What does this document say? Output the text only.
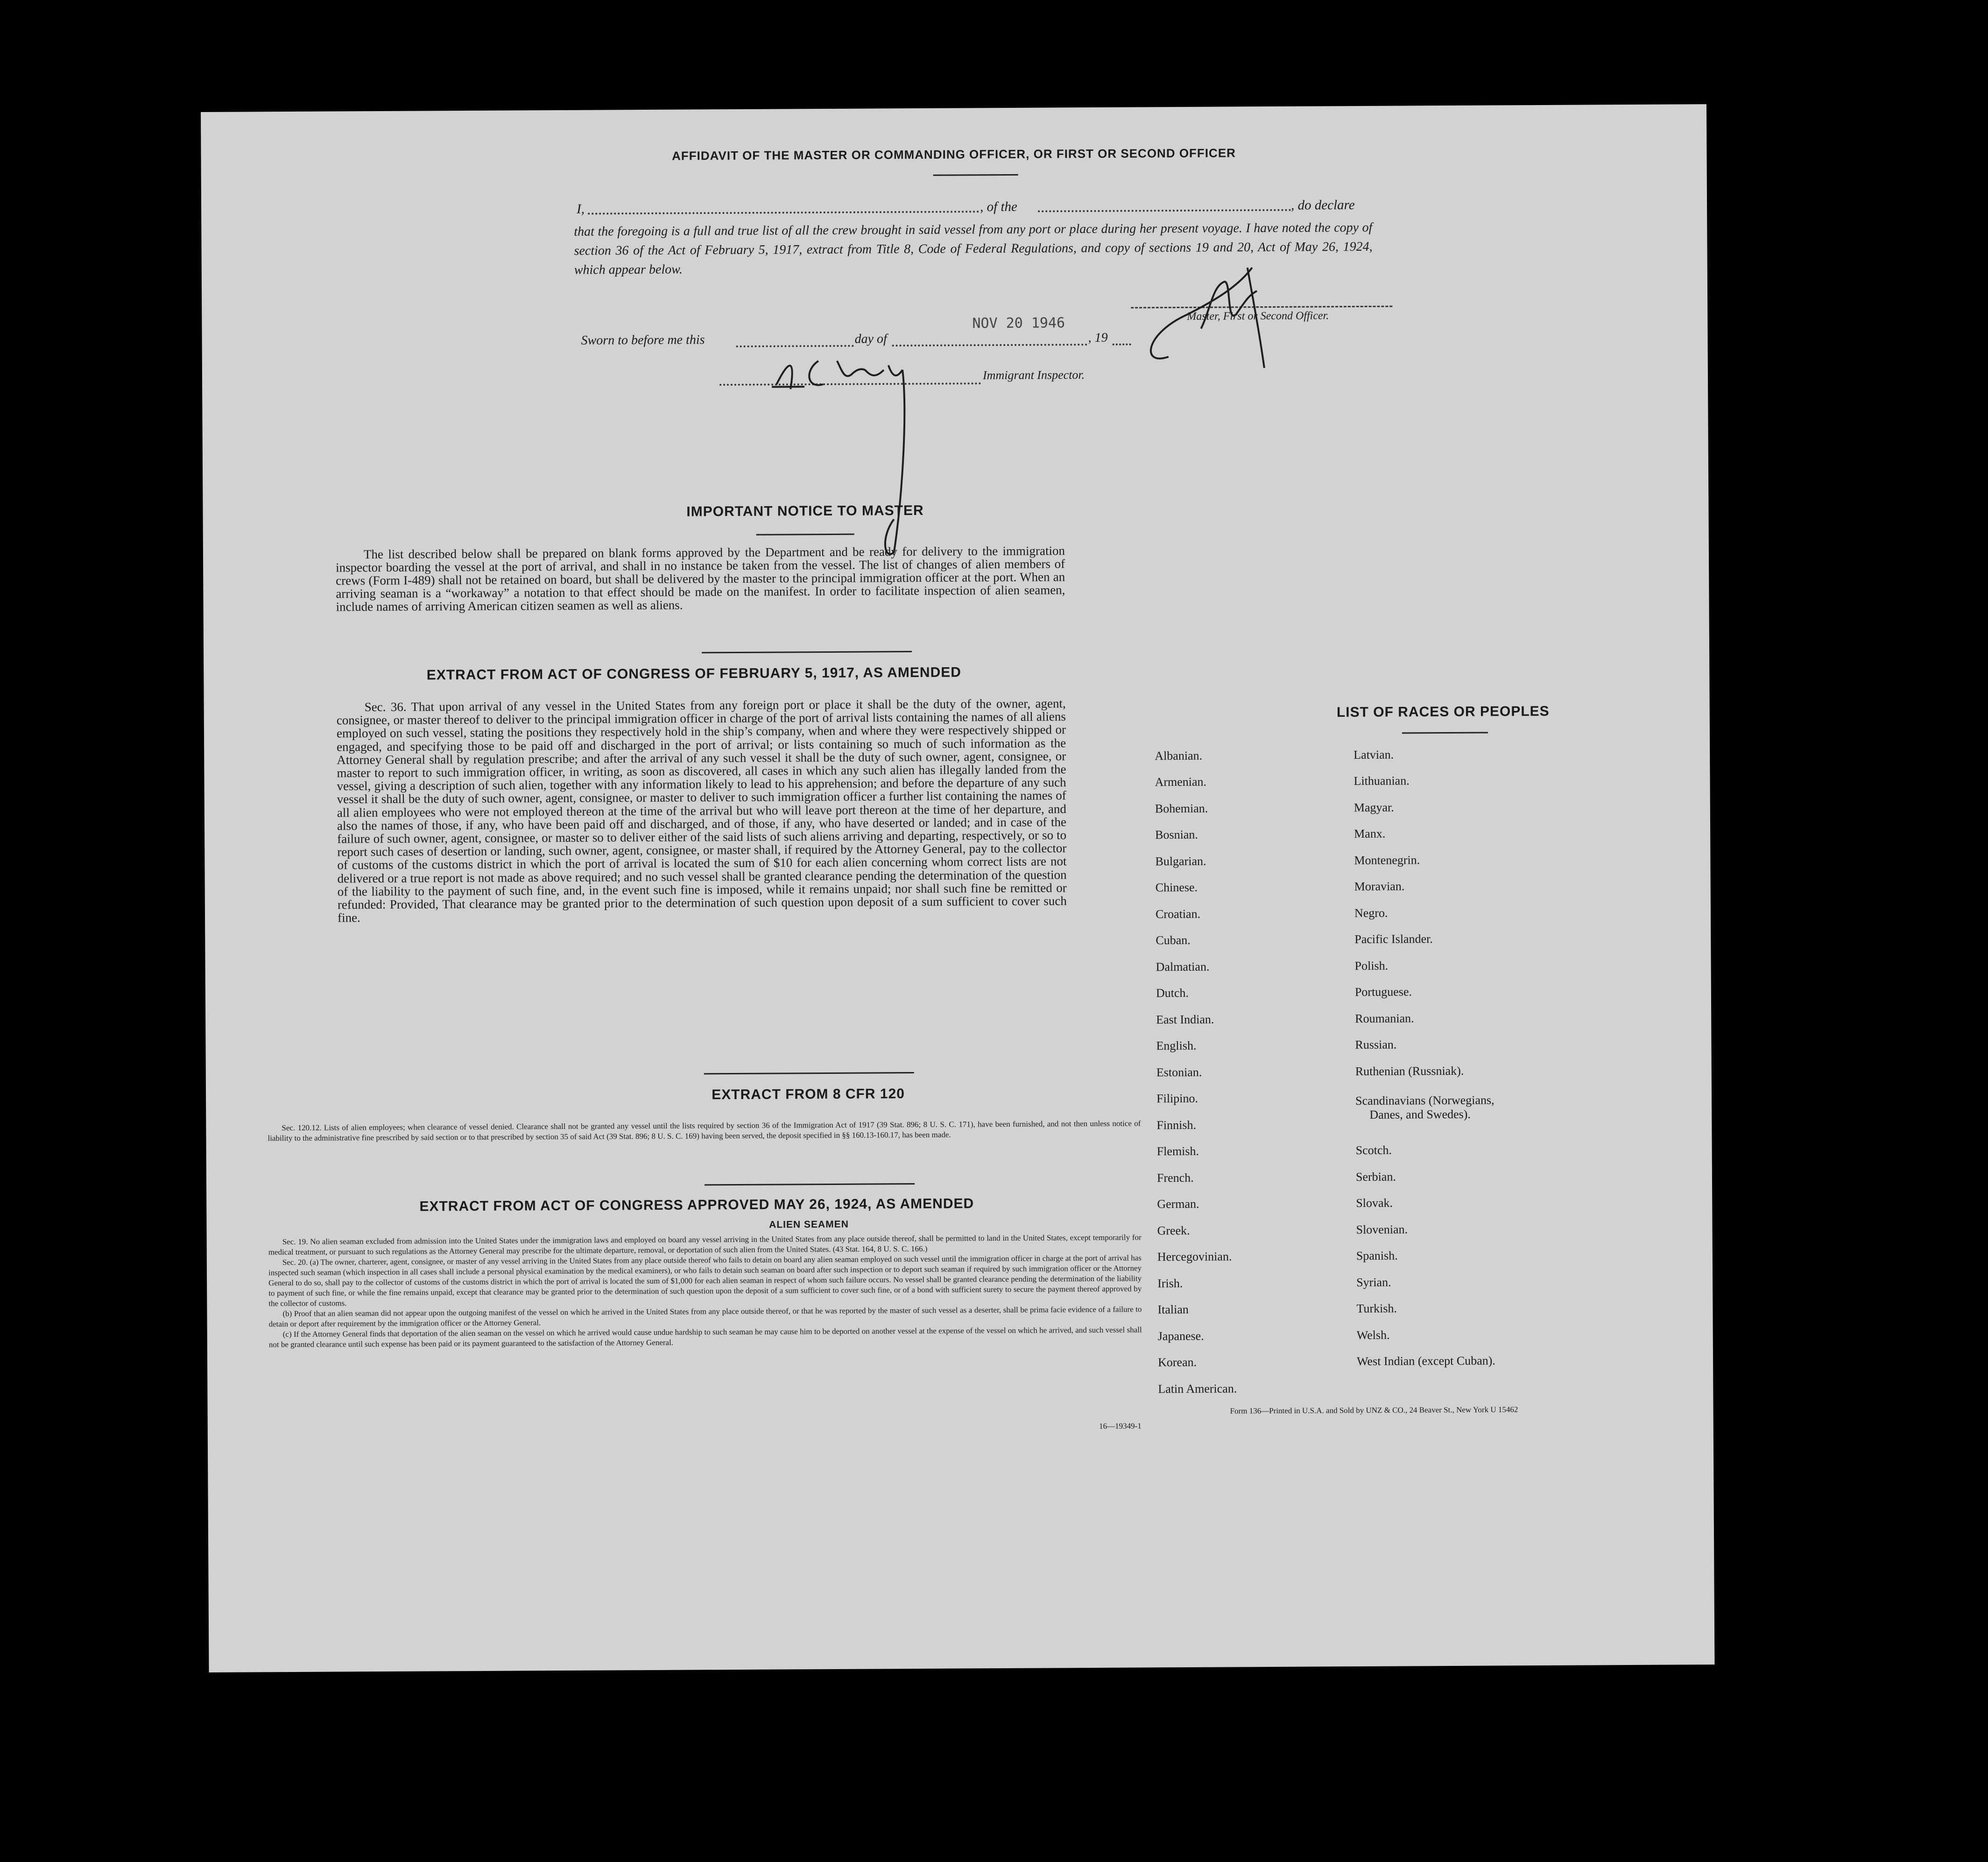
AFFIDAVIT OF THE MASTER OR COMMANDING OFFICER, OR FIRST OR SECOND OFFICER
I,	, of the	, do declare

that the foregoing is a full and true list of all the crew brought in said vessel from any port or place during her present voyage. I have noted the copy of section 36 of the Act of February 5, 1917, extract from Title 8, Code of Federal Regulations, and copy of sections 19 and 20, Act of May 26, 1924, which appear below.

Master, First or Second Officer.
Sworn to before me this	day of
NOV 20 1946
, 19
Immigrant Inspector.
IMPORTANT NOTICE TO MASTER

The list described below shall be prepared on blank forms approved by the Department and be ready for delivery to the immigration inspector boarding the vessel at the port of arrival, and shall in no instance be taken from the vessel. The list of changes of alien members of crews (Form I-489) shall not be retained on board, but shall be delivered by the master to the principal immigration officer at the port. When an arriving seaman is a “workaway” a notation to that effect should be made on the manifest. In order to facilitate inspection of alien seamen, include names of arriving American citizen seamen as well as aliens.

EXTRACT FROM ACT OF CONGRESS OF FEBRUARY 5, 1917, AS AMENDED

Sec. 36. That upon arrival of any vessel in the United States from any foreign port or place it shall be the duty of the owner, agent, consignee, or master thereof to deliver to the principal immigration officer in charge of the port of arrival lists containing the names of all aliens employed on such vessel, stating the positions they respectively hold in the ship’s company, when and where they were respectively shipped or engaged, and specifying those to be paid off and discharged in the port of arrival; or lists containing so much of such information as the Attorney General shall by regulation prescribe; and after the arrival of any such vessel it shall be the duty of such owner, agent, consignee, or master to report to such immigration officer, in writing, as soon as discovered, all cases in which any such alien has illegally landed from the vessel, giving a description of such alien, together with any information likely to lead to his apprehension; and before the departure of any such vessel it shall be the duty of such owner, agent, consignee, or master to deliver to such immigration officer a further list containing the names of all alien employees who were not employed thereon at the time of the arrival but who will leave port thereon at the time of her departure, and also the names of those, if any, who have been paid off and discharged, and of those, if any, who have deserted or landed; and in case of the failure of such owner, agent, consignee, or master so to deliver either of the said lists of such aliens arriving and departing, respectively, or so to report such cases of desertion or landing, such owner, agent, consignee, or master shall, if required by the Attorney General, pay to the collector of customs of the customs district in which the port of arrival is located the sum of $10 for each alien concerning whom correct lists are not delivered or a true report is not made as above required; and no such vessel shall be granted clearance pending the determination of the question of the liability to the payment of such fine, and, in the event such fine is imposed, while it remains unpaid; nor shall such fine be remitted or refunded: Provided, That clearance may be granted prior to the determination of such question upon deposit of a sum sufficient to cover such fine.

EXTRACT FROM 8 CFR 120

Sec. 120.12. Lists of alien employees; when clearance of vessel denied. Clearance shall not be granted any vessel until the lists required by section 36 of the Immigration Act of 1917 (39 Stat. 896; 8 U. S. C. 171), have been furnished, and not then unless notice of liability to the administrative fine prescribed by said section or to that prescribed by section 35 of said Act (39 Stat. 896; 8 U. S. C. 169) having been served, the deposit specified in §§ 160.13-160.17, has been made.

EXTRACT FROM ACT OF CONGRESS APPROVED MAY 26, 1924, AS AMENDED
ALIEN SEAMEN

Sec. 19. No alien seaman excluded from admission into the United States under the immigration laws and employed on board any vessel arriving in the United States from any place outside thereof, shall be permitted to land in the United States, except temporarily for medical treatment, or pursuant to such regulations as the Attorney General may prescribe for the ultimate departure, removal, or deportation of such alien from the United States. (43 Stat. 164, 8 U. S. C. 166.)

Sec. 20. (a) The owner, charterer, agent, consignee, or master of any vessel arriving in the United States from any place outside thereof who fails to detain on board any alien seaman employed on such vessel until the immigration officer in charge at the port of arrival has inspected such seaman (which inspection in all cases shall include a personal physical examination by the medical examiners), or who fails to detain such seaman on board after such inspection or to deport such seaman if required by such immigration officer or the Attorney General to do so, shall pay to the collector of customs of the customs district in which the port of arrival is located the sum of $1,000 for each alien seaman in respect of whom such failure occurs. No vessel shall be granted clearance pending the determination of the liability to payment of such fine, or while the fine remains unpaid, except that clearance may be granted prior to the determination of such question upon the deposit of a sum sufficient to cover such fine, or of a bond with sufficient surety to secure the payment thereof approved by the collector of customs.

(b) Proof that an alien seaman did not appear upon the outgoing manifest of the vessel on which he arrived in the United States from any place outside thereof, or that he was reported by the master of such vessel as a deserter, shall be prima facie evidence of a failure to detain or deport after requirement by the immigration officer or the Attorney General.

(c) If the Attorney General finds that deportation of the alien seaman on the vessel on which he arrived would cause undue hardship to such seaman he may cause him to be deported on another vessel at the expense of the vessel on which he arrived, and such vessel shall not be granted clearance until such expense has been paid or its payment guaranteed to the satisfaction of the Attorney General.

16—19349-1
LIST OF RACES OR PEOPLES
Albanian.
Armenian.
Bohemian.
Bosnian.
Bulgarian.
Chinese.
Croatian.
Cuban.
Dalmatian.
Dutch.
East Indian.
English.
Estonian.
Filipino.
Finnish.
Flemish.
French.
German.
Greek.
Hercegovinian.
Irish.
Italian
Japanese.
Korean.
Latin American.
Latvian.
Lithuanian.
Magyar.
Manx.
Montenegrin.
Moravian.
Negro.
Pacific Islander.
Polish.
Portuguese.
Roumanian.
Russian.
Ruthenian (Russniak).
Scandinavians (Norwegians,
Danes, and Swedes).
Scotch.
Serbian.
Slovak.
Slovenian.
Spanish.
Syrian.
Turkish.
Welsh.
West Indian (except Cuban).
Form 136—Printed in U.S.A. and Sold by UNZ & CO., 24 Beaver St., New York U 15462
